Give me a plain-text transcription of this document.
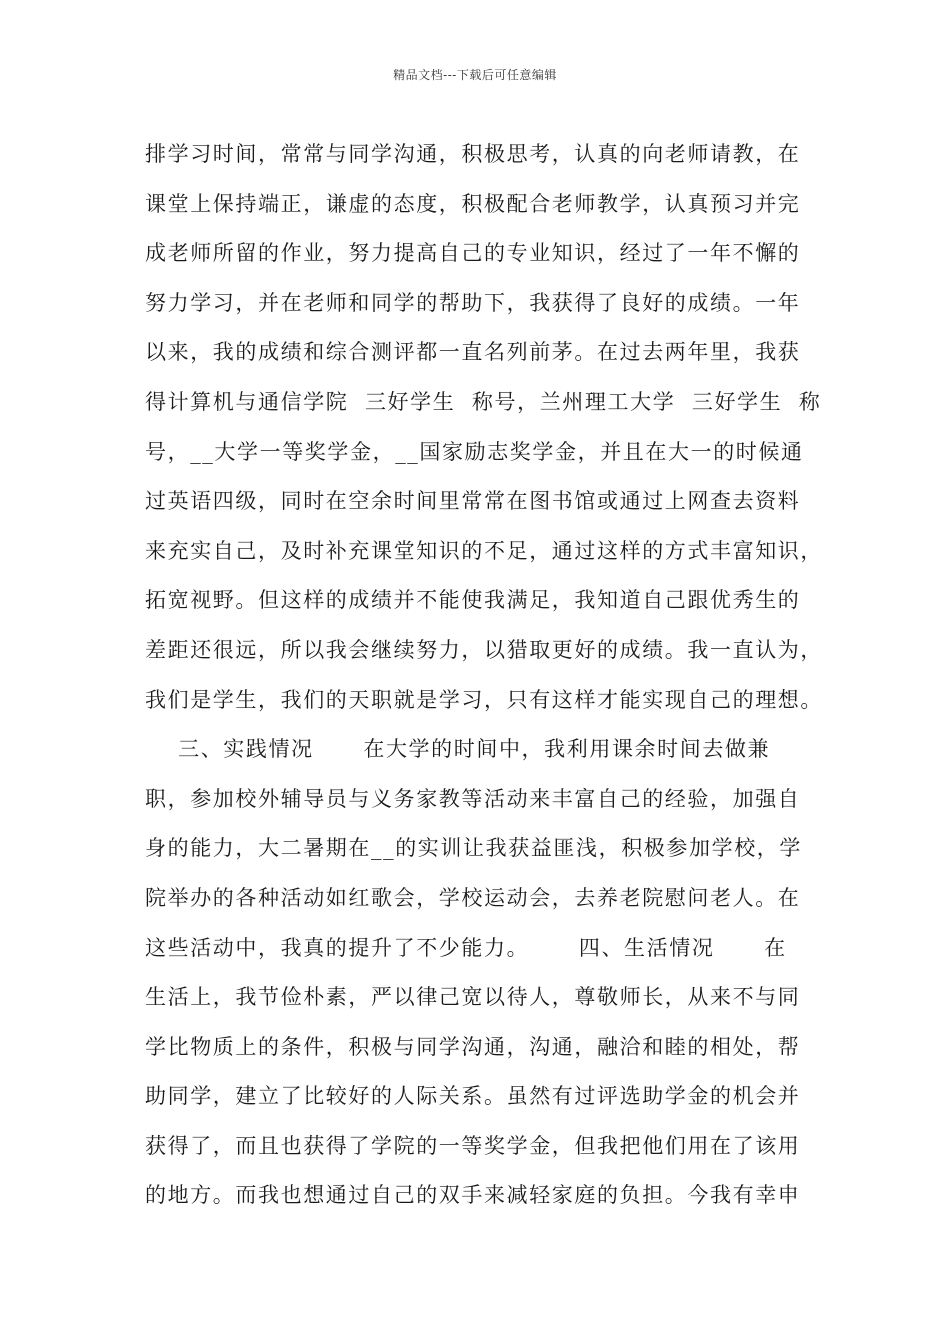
精品文档---下载后可任意编辑
排学习时间，常常与同学沟通，积极思考，认真的向老师请教，在
课堂上保持端正，谦虚的态度，积极配合老师教学，认真预习并完
成老师所留的作业，努力提高自己的专业知识，经过了一年不懈的
努力学习，并在老师和同学的帮助下，我获得了良好的成绩。一年
以来，我的成绩和综合测评都一直名列前茅。在过去两年里，我获
得计算机与通信学院  三好学生  称号，兰州理工大学  三好学生  称
号，__大学一等奖学金，__国家励志奖学金，并且在大一的时候通
过英语四级，同时在空余时间里常常在图书馆或通过上网查去资料
来充实自己，及时补充课堂知识的不足，通过这样的方式丰富知识，
拓宽视野。但这样的成绩并不能使我满足，我知道自己跟优秀生的
差距还很远，所以我会继续努力，以猎取更好的成绩。我一直认为，
我们是学生，我们的天职就是学习，只有这样才能实现自己的理想。
三、实践情况      在大学的时间中，我利用课余时间去做兼
职，参加校外辅导员与义务家教等活动来丰富自己的经验，加强自
身的能力，大二暑期在__的实训让我获益匪浅，积极参加学校，学
院举办的各种活动如红歌会，学校运动会，去养老院慰问老人。在
这些活动中，我真的提升了不少能力。      四、生活情况      在
生活上，我节俭朴素，严以律己宽以待人，尊敬师长，从来不与同
学比物质上的条件，积极与同学沟通，沟通，融洽和睦的相处，帮
助同学，建立了比较好的人际关系。虽然有过评选助学金的机会并
获得了，而且也获得了学院的一等奖学金，但我把他们用在了该用
的地方。而我也想通过自己的双手来减轻家庭的负担。今我有幸申
